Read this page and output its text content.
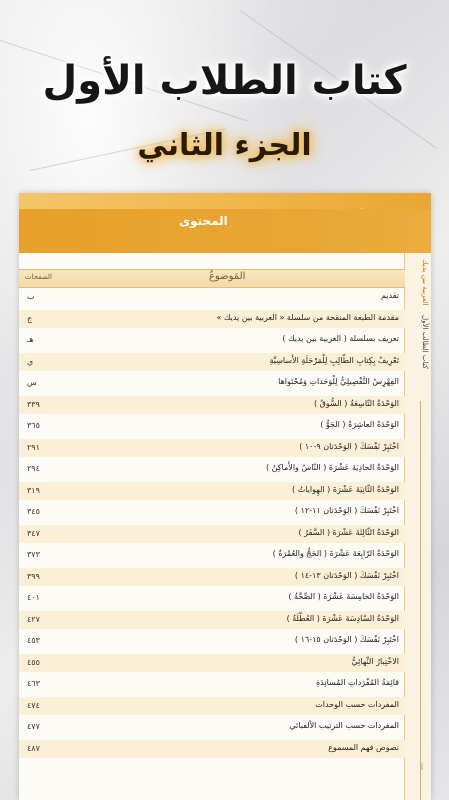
كتاب الطلاب الأول
الجزء الثاني
المحتوى
العربية بين يديك
كتاب الطالب الأول
أ
الصفحات	المَوضوعُ
ب	تقديم
ج	مقدمة الطبعة المنقحة من سلسلة « العربية بين يديك »
هـ	تعريف بسلسلة ( العربية بين يديك )
ي	تَعْرِيفٌ بِكِتابِ الطّالِبِ لِلْمَرْحَلَةِ الأَساسِيَّةِ
س	الفِهْرِسُ التَّفْصِيلِيُّ لِلْوَحَداتِ وَمُحْتَواها
٣٣٩	الوَحْدَةُ التّاسِعَةُ ( السُّوقُ )
٣٦٥	الوَحْدَةُ العاشِرَةُ ( الجَوُّ )
٢٩١	اخْتَبِرْ نَفْسَكَ ( الوَحْدَتان ٩-١٠ )
٢٩٤	الوَحْدَةُ الحادِيَةَ عَشْرَةَ ( النّاسُ والأَماكِنُ )
٣١٩	الوَحْدَةُ الثّانِيَةَ عَشْرَةَ ( الهِواياتُ )
٣٤٥	اخْتَبِرْ نَفْسَكَ ( الوَحْدَتان ١١-١٢ )
٣٤٧	الوَحْدَةُ الثّالِثَةَ عَشْرَةَ ( السَّفَرُ )
٣٧٣	الوَحْدَةُ الرّابِعَةَ عَشْرَةَ ( الحَجُّ والعُمْرَةُ )
٣٩٩	اخْتَبِرْ نَفْسَكَ ( الوَحْدَتان ١٣-١٤ )
٤٠١	الوَحْدَةُ الخامِسَةَ عَشْرَةَ ( الصِّحَّةُ )
٤٢٧	الوَحْدَةُ السّادِسَةَ عَشْرَةَ ( العُطْلَةُ )
٤٥٣	اخْتَبِرْ نَفْسَكَ ( الوَحْدَتان ١٥-١٦ )
٤٥٥	الاخْتِبارُ النِّهائِيُّ
٤٦٣	قائِمَةُ المُفْرَداتِ المُسانِدَةِ
٤٧٤	المفردات حسب الوحدات
٤٧٧	المفردات حسب الترتيب الألفبائي
٤٨٧	نصوص فهم المسموع
